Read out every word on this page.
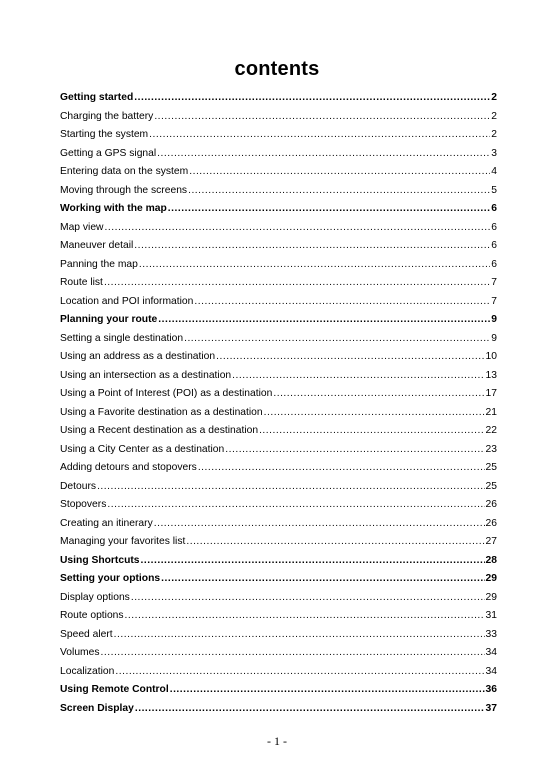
contents
Getting started .....	2
Charging the battery .....	2
Starting the system .....	2
Getting a GPS signal .....	3
Entering data on the system .....	4
Moving through the screens .....	5
Working with the map .....	6
Map view .....	6
Maneuver detail .....	6
Panning the map .....	6
Route list .....	7
Location and POI information .....	7
Planning your route .....	9
Setting a single destination .....	9
Using an address as a destination .....	10
Using an intersection as a destination .....	13
Using a Point of Interest (POI) as a destination .....	17
Using a Favorite destination as a destination .....	21
Using a Recent destination as a destination .....	22
Using a City Center as a destination .....	23
Adding detours and stopovers .....	25
Detours .....	25
Stopovers .....	26
Creating an itinerary .....	26
Managing your favorites list .....	27
Using Shortcuts .....	28
Setting your options .....	29
Display options .....	29
Route options .....	31
Speed alert .....	33
Volumes .....	34
Localization .....	34
Using Remote Control .....	36
Screen Display .....	37
- 1 -
